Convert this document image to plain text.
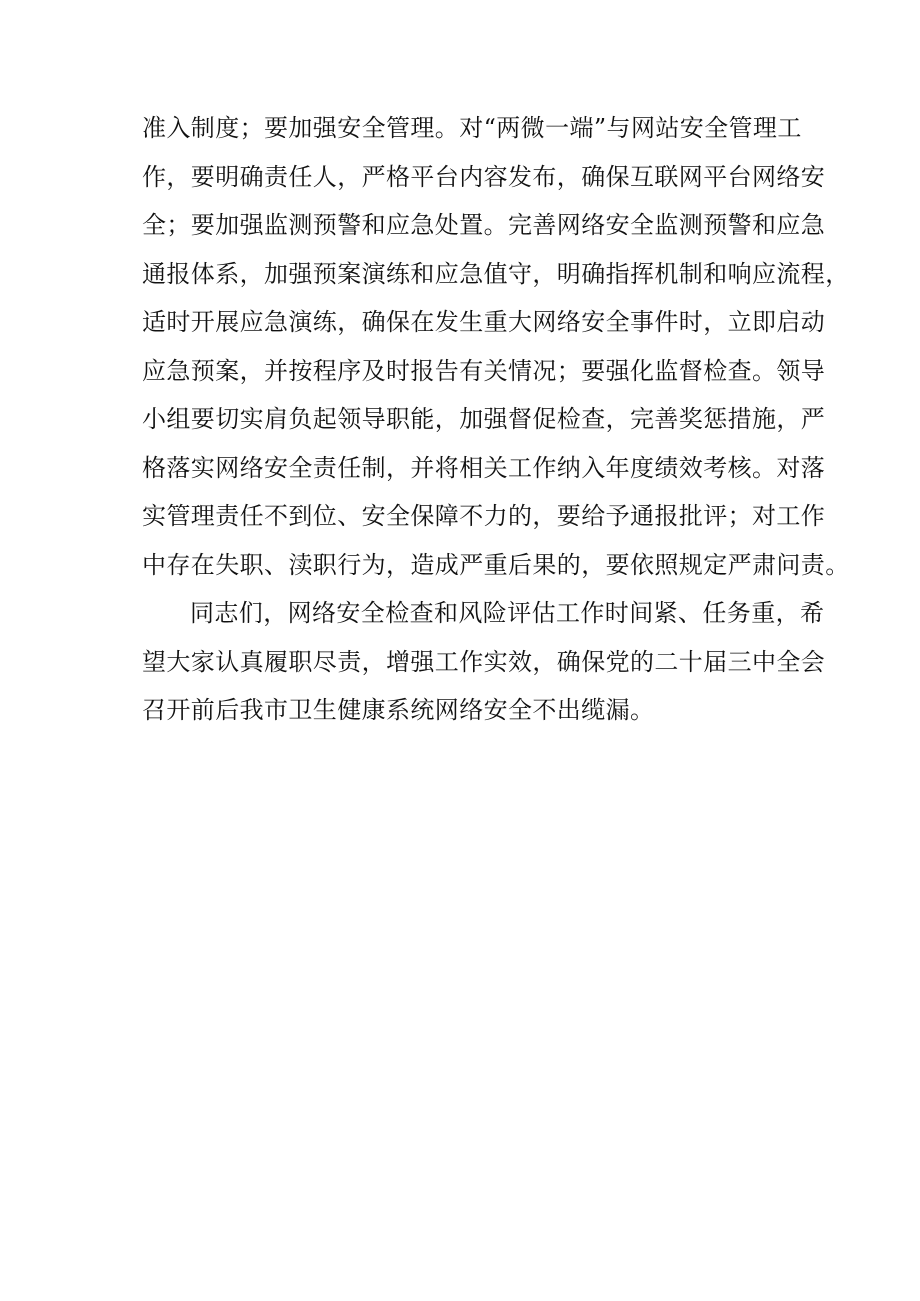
准入制度；要加强安全管理。对“两微一端”与网站安全管理工
作，要明确责任人，严格平台内容发布，确保互联网平台网络安
全；要加强监测预警和应急处置。完善网络安全监测预警和应急
通报体系，加强预案演练和应急值守，明确指挥机制和响应流程，
适时开展应急演练，确保在发生重大网络安全事件时，立即启动
应急预案，并按程序及时报告有关情况；要强化监督检查。领导
小组要切实肩负起领导职能，加强督促检查，完善奖惩措施，严
格落实网络安全责任制，并将相关工作纳入年度绩效考核。对落
实管理责任不到位、安全保障不力的，要给予通报批评；对工作
中存在失职、渎职行为，造成严重后果的，要依照规定严肃问责。
同志们，网络安全检查和风险评估工作时间紧、任务重，希
望大家认真履职尽责，增强工作实效，确保党的二十届三中全会
召开前后我市卫生健康系统网络安全不出缆漏。
